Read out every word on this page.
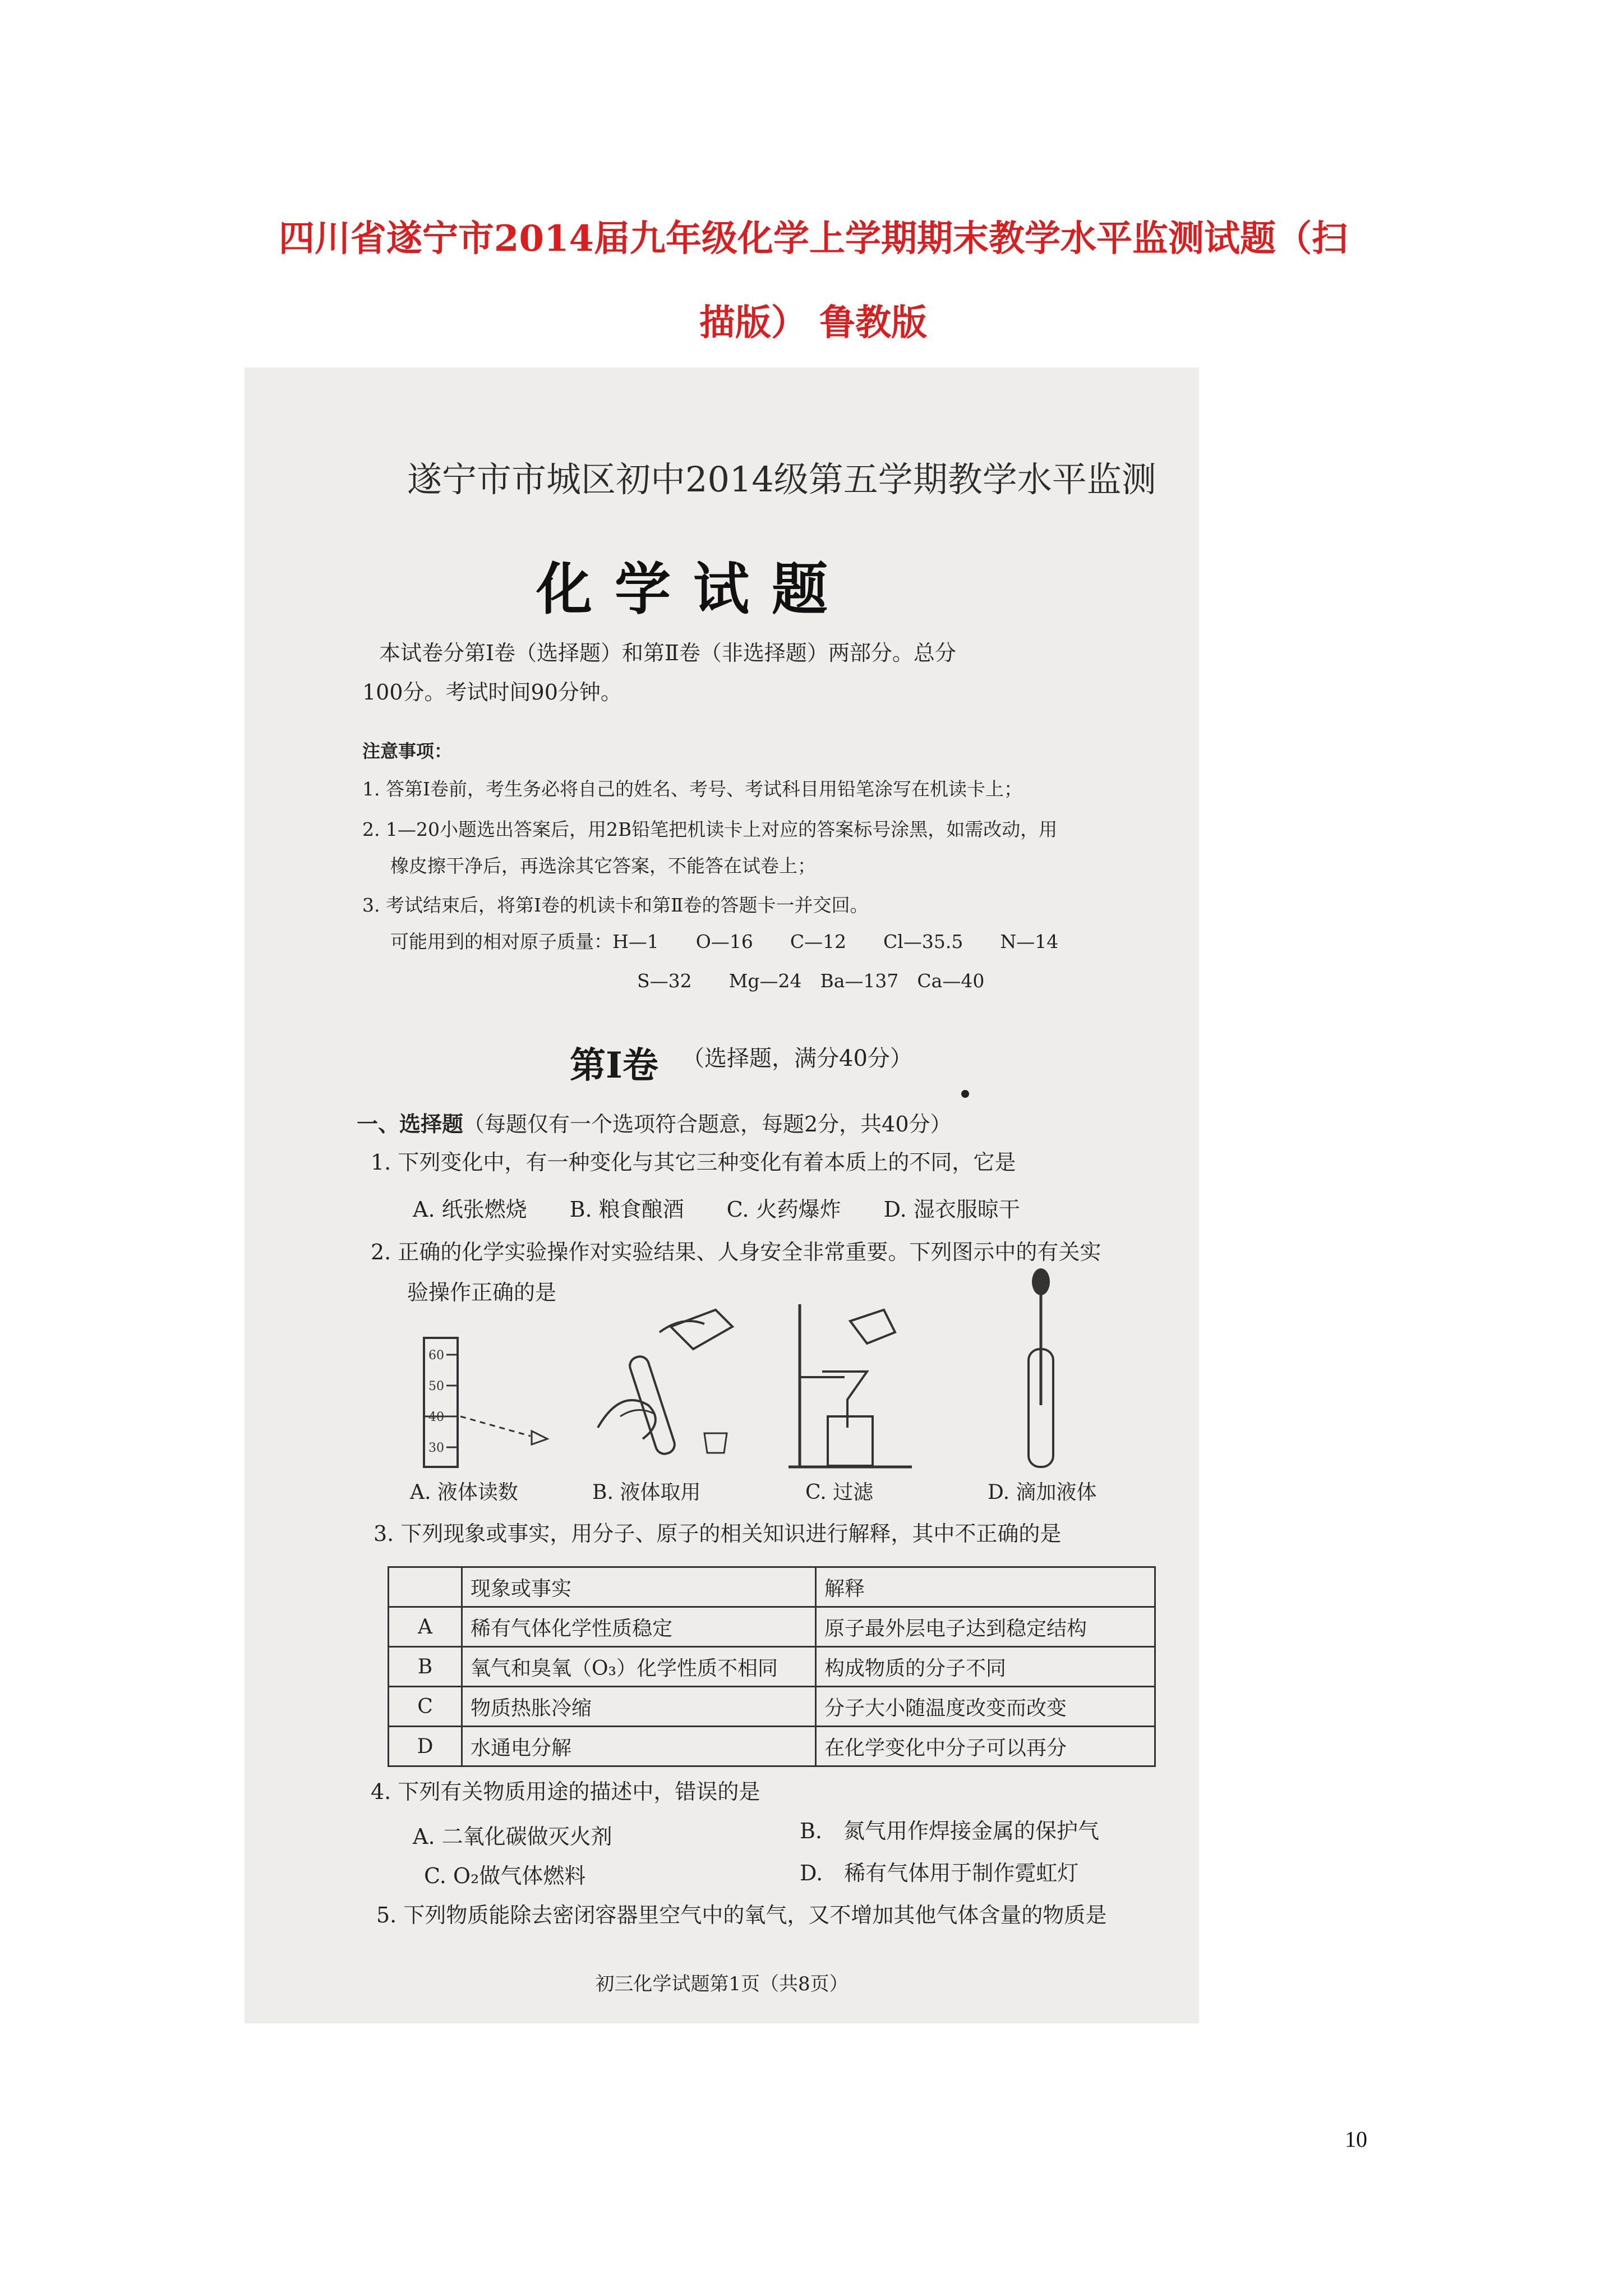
四川省遂宁市2014届九年级化学上学期期末教学水平监测试题（扫
描版） 鲁教版
遂宁市市城区初中2014级第五学期教学水平监测
化学试题
本试卷分第Ⅰ卷（选择题）和第Ⅱ卷（非选择题）两部分。总分
100分。考试时间90分钟。
注意事项：
1. 答第Ⅰ卷前，考生务必将自己的姓名、考号、考试科目用铅笔涂写在机读卡上；
2. 1—20小题选出答案后，用2B铅笔把机读卡上对应的答案标号涂黑，如需改动，用
橡皮擦干净后，再选涂其它答案，不能答在试卷上；
3. 考试结束后，将第Ⅰ卷的机读卡和第Ⅱ卷的答题卡一并交回。
可能用到的相对原子质量：H—1　　O—16　　C—12　　Cl—35.5　　N—14
S—32　　Mg—24　Ba—137　Ca—40
第Ⅰ卷 （选择题，满分40分）
一、选择题 （每题仅有一个选项符合题意，每题2分，共40分）
1. 下列变化中，有一种变化与其它三种变化有着本质上的不同，它是
A. 纸张燃烧　　B. 粮食酿酒　　C. 火药爆炸　　D. 湿衣服晾干
2. 正确的化学实验操作对实验结果、人身安全非常重要。下列图示中的有关实
验操作正确的是
60
50
40
30
A. 液体读数	B. 液体取用	C. 过滤	D. 滴加液体
3. 下列现象或事实，用分子、原子的相关知识进行解释，其中不正确的是
	现象或事实	解释
A	稀有气体化学性质稳定	原子最外层电子达到稳定结构
B	氧气和臭氧（O₃）化学性质不相同	构成物质的分子不同
C	物质热胀冷缩	分子大小随温度改变而改变
D	水通电分解	在化学变化中分子可以再分
4. 下列有关物质用途的描述中，错误的是
A. 二氧化碳做灭火剂	B.　氮气用作焊接金属的保护气
C. O₂做气体燃料	D.　稀有气体用于制作霓虹灯
5. 下列物质能除去密闭容器里空气中的氧气，又不增加其他气体含量的物质是
初三化学试题第1页（共8页）
10
